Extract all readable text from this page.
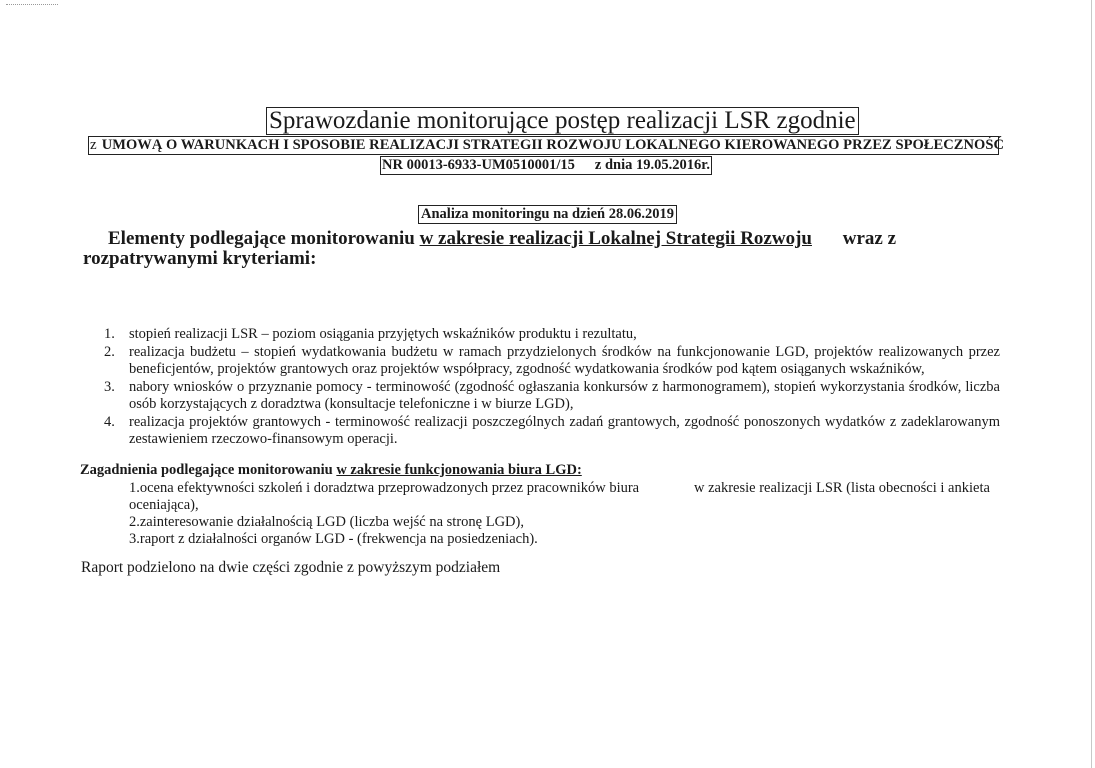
Sprawozdanie monitorujące postęp realizacji LSR zgodnie
z UMOWĄ O WARUNKACH I SPOSOBIE REALIZACJI STRATEGII ROZWOJU LOKALNEGO KIEROWANEGO PRZEZ SPOŁECZNOŚĆ
NR 00013-6933-UM0510001/15 z dnia 19.05.2016r.
Analiza monitoringu na dzień 28.06.2019
Elementy podlegające monitorowaniu w zakresie realizacji Lokalnej Strategii Rozwoju wraz z rozpatrywanymi kryteriami:
1. stopień realizacji LSR – poziom osiągania przyjętych wskaźników produktu i rezultatu,
2. realizacja budżetu – stopień wydatkowania budżetu w ramach przydzielonych środków na funkcjonowanie LGD, projektów realizowanych przez beneficjentów, projektów grantowych oraz projektów współpracy, zgodność wydatkowania środków pod kątem osiąganych wskaźników,
3. nabory wniosków o przyznanie pomocy - terminowość (zgodność ogłaszania konkursów z harmonogramem), stopień wykorzystania środków, liczba osób korzystających z doradztwa (konsultacje telefoniczne i w biurze LGD),
4. realizacja projektów grantowych - terminowość realizacji poszczególnych zadań grantowych, zgodność ponoszonych wydatków z zadeklarowanym zestawieniem rzeczowo-finansowym operacji.
Zagadnienia podlegające monitorowaniu w zakresie funkcjonowania biura LGD:
1.ocena efektywności szkoleń i doradztwa przeprowadzonych przez pracowników biura	w zakresie realizacji LSR (lista obecności i ankieta
oceniająca),
2.zainteresowanie działalnością LGD (liczba wejść na stronę LGD),
3.raport z działalności organów LGD - (frekwencja na posiedzeniach).
Raport podzielono na dwie części zgodnie z powyższym podziałem
